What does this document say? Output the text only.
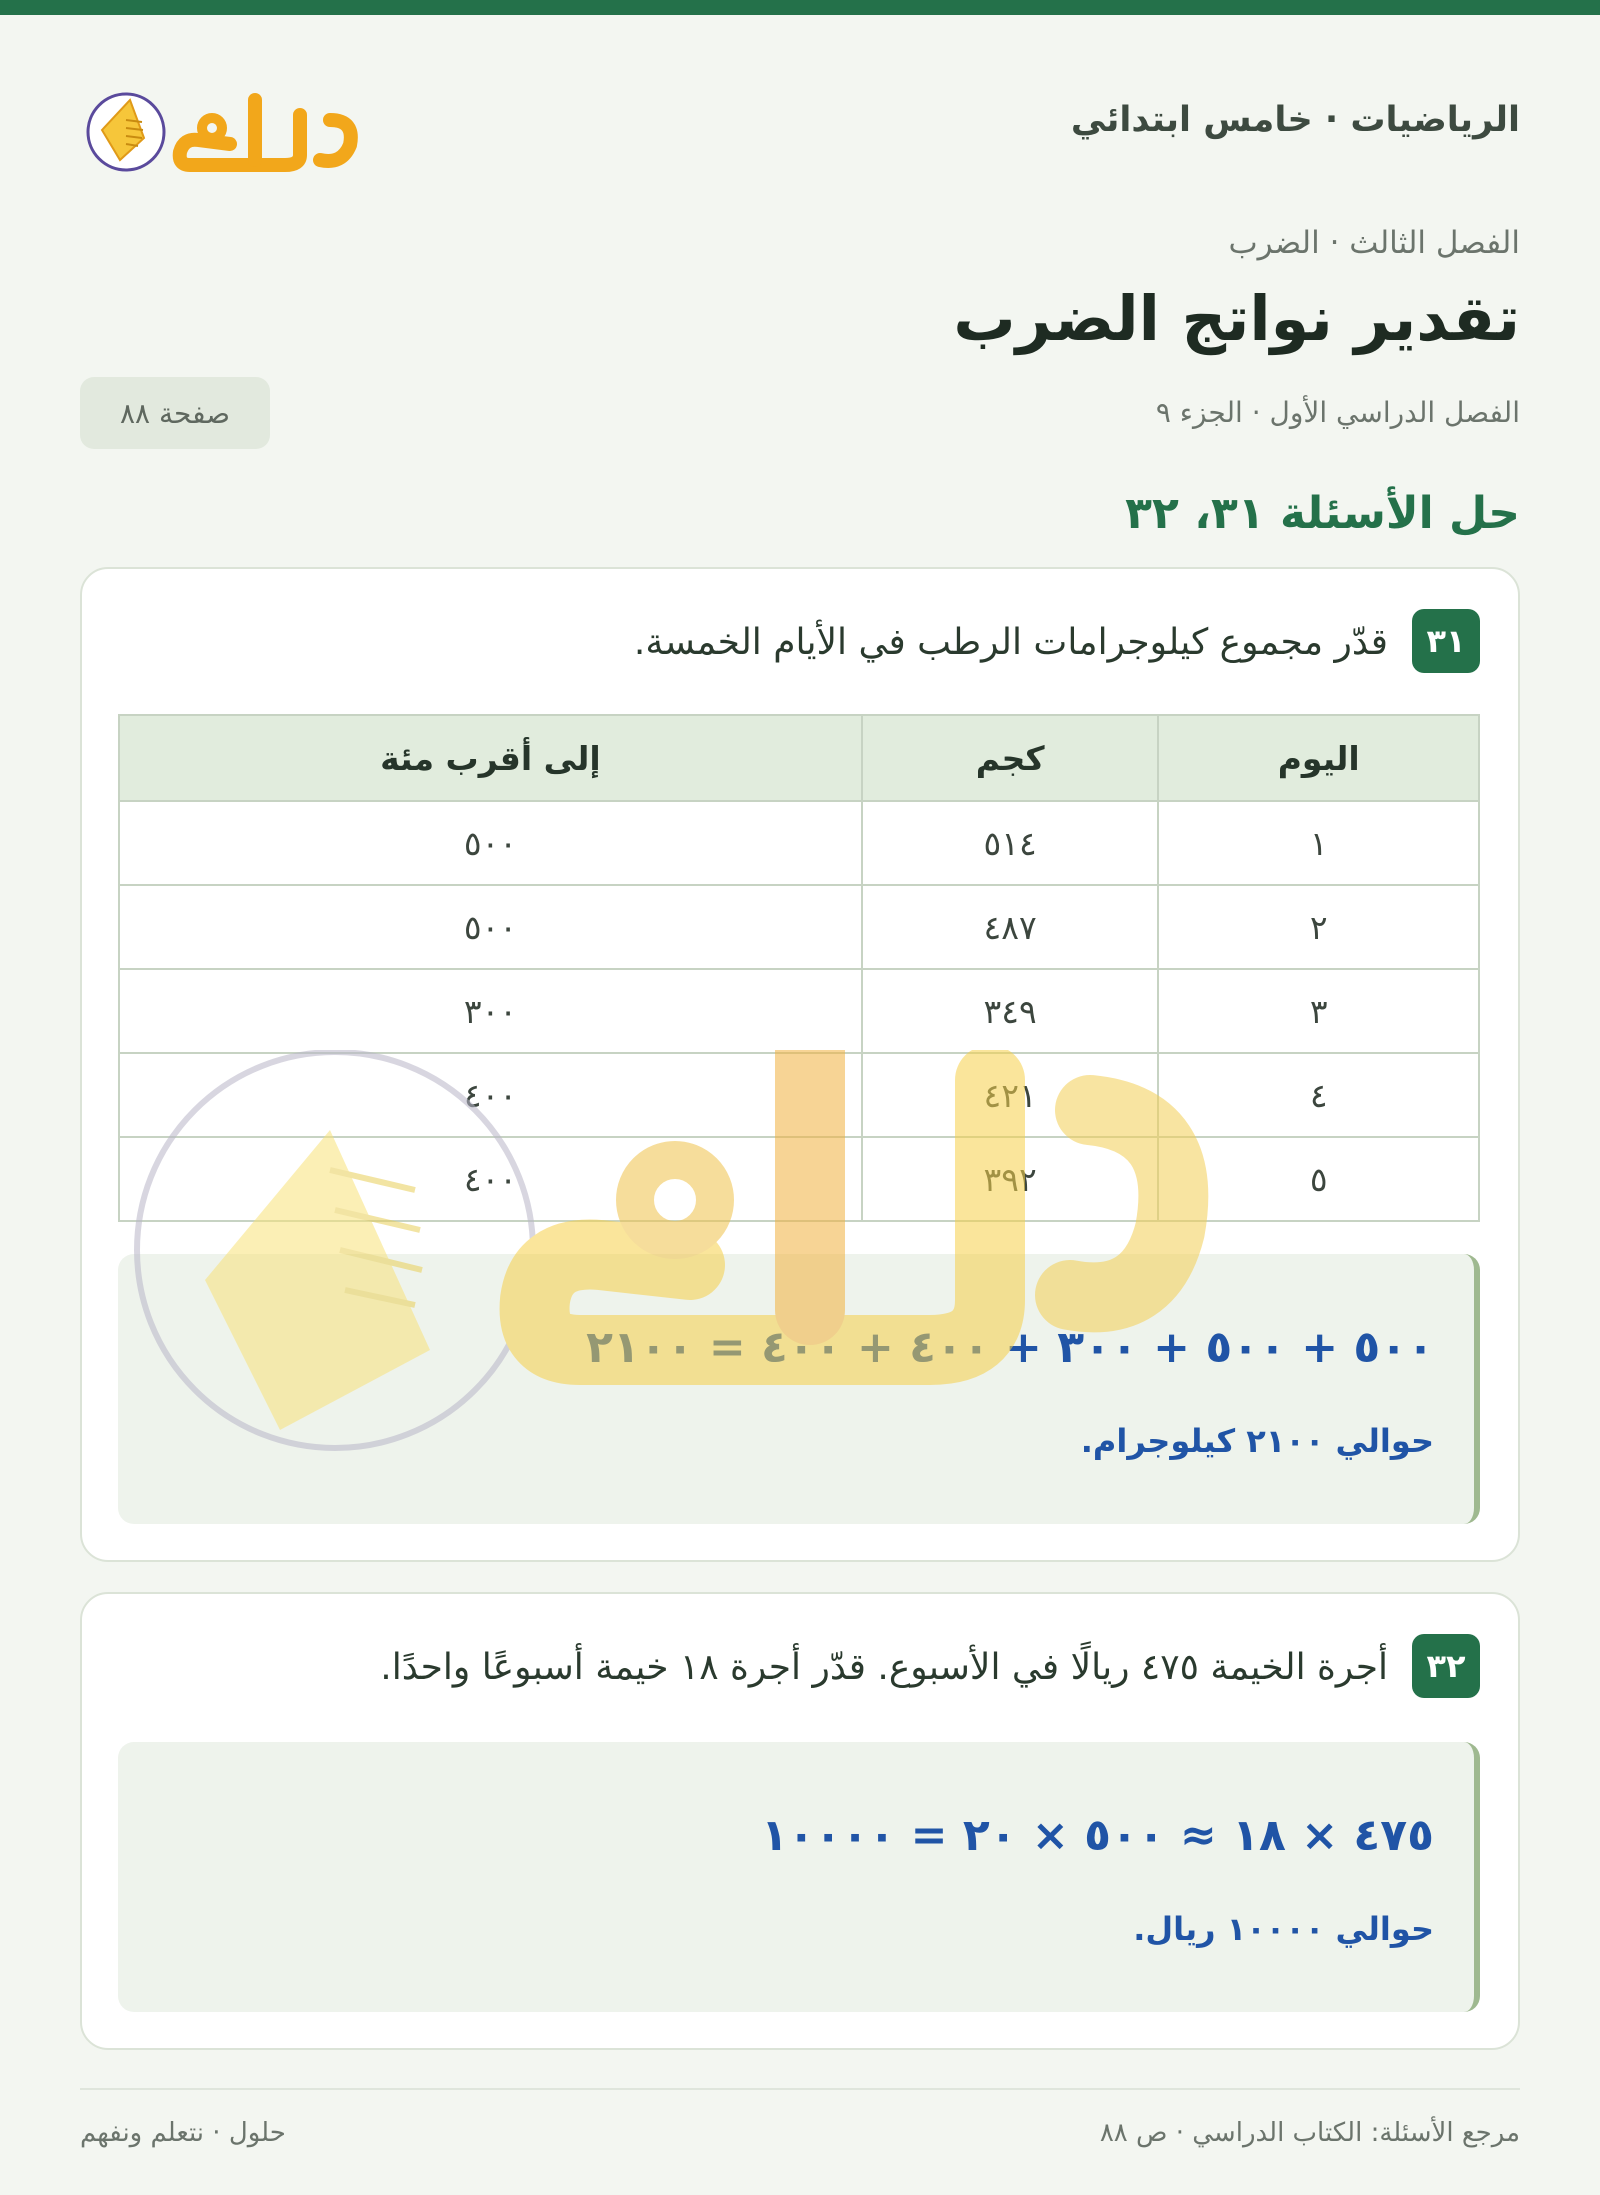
الرياضيات · خامس ابتدائي
الفصل الثالث · الضرب
تقدير نواتج الضرب
الفصل الدراسي الأول · الجزء ٩
صفحة ٨٨
حل الأسئلة ٣١، ٣٢
٣١
قدّر مجموع كيلوجرامات الرطب في الأيام الخمسة.
اليوم	كجم	إلى أقرب مئة
١	٥١٤	٥٠٠
٢	٤٨٧	٥٠٠
٣	٣٤٩	٣٠٠
٤	٤٢١	٤٠٠
٥	٣٩٢	٤٠٠
٥٠٠ + ٥٠٠ + ٣٠٠ + ٤٠٠ + ٤٠٠ = ٢١٠٠
حوالي ٢١٠٠ كيلوجرام.
٣٢
أجرة الخيمة ٤٧٥ ريالًا في الأسبوع. قدّر أجرة ١٨ خيمة أسبوعًا واحدًا.
٤٧٥ × ١٨ ≈ ٥٠٠ × ٢٠ = ١٠٠٠٠
حوالي ١٠٠٠٠ ريال.
مرجع الأسئلة: الكتاب الدراسي · ص ٨٨
حلول · نتعلم ونفهم
